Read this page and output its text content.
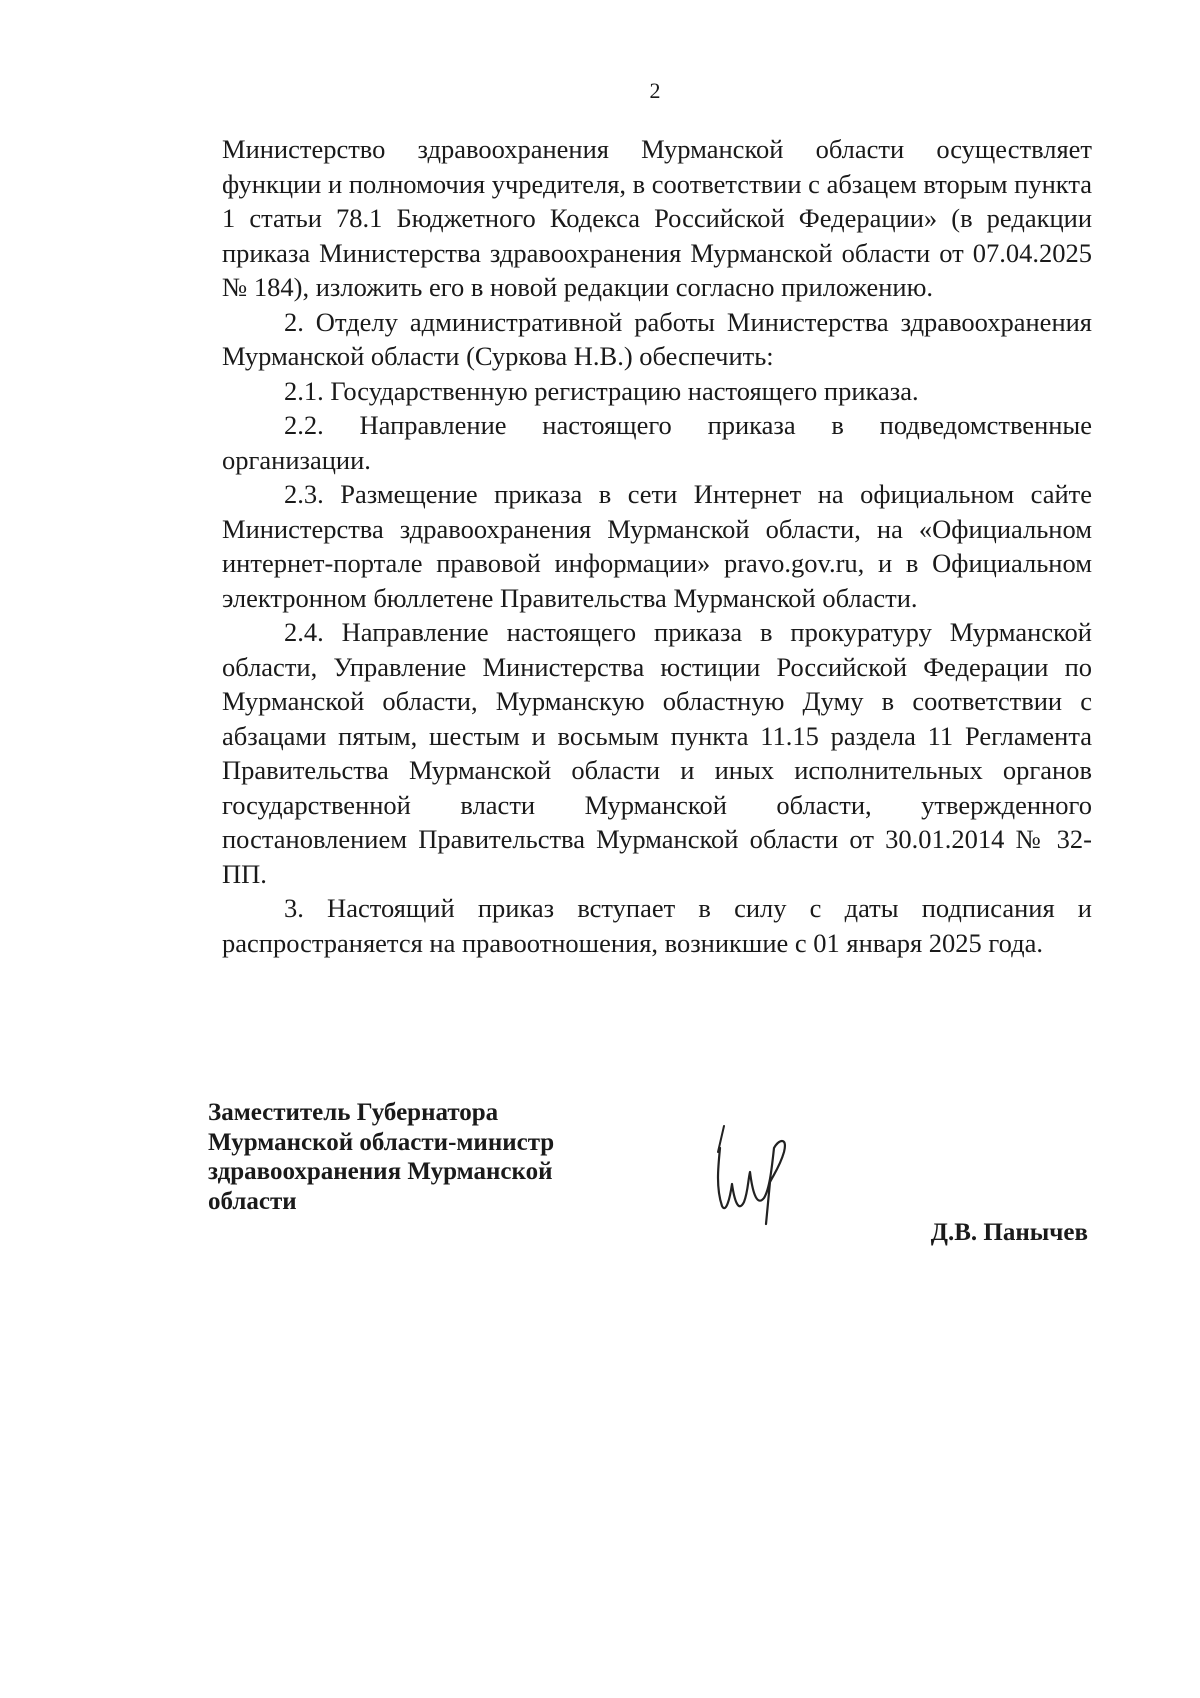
2

Министерство здравоохранения Мурманской области осуществляет функции и полномочия учредителя, в соответствии с абзацем вторым пункта 1 статьи 78.1 Бюджетного Кодекса Российской Федерации» (в редакции приказа Министерства здравоохранения Мурманской области от 07.04.2025 № 184), изложить его в новой редакции согласно приложению.

2. Отделу административной работы Министерства здравоохранения Мурманской области (Суркова Н.В.) обеспечить:

2.1. Государственную регистрацию настоящего приказа.

2.2. Направление настоящего приказа в подведомственные организации.

2.3. Размещение приказа в сети Интернет на официальном сайте Министерства здравоохранения Мурманской области, на «Официальном интернет-портале правовой информации» pravo.gov.ru, и в Официальном электронном бюллетене Правительства Мурманской области.

2.4. Направление настоящего приказа в прокуратуру Мурманской области, Управление Министерства юстиции Российской Федерации по Мурманской области, Мурманскую областную Думу в соответствии с абзацами пятым, шестым и восьмым пункта 11.15 раздела 11 Регламента Правительства Мурманской области и иных исполнительных органов государственной власти Мурманской области, утвержденного постановлением Правительства Мурманской области от 30.01.2014 № 32-ПП.

3. Настоящий приказ вступает в силу с даты подписания и распространяется на правоотношения, возникшие с 01 января 2025 года.

Заместитель Губернатора
Мурманской области-министр
здравоохранения Мурманской
области
Д.В. Панычев
